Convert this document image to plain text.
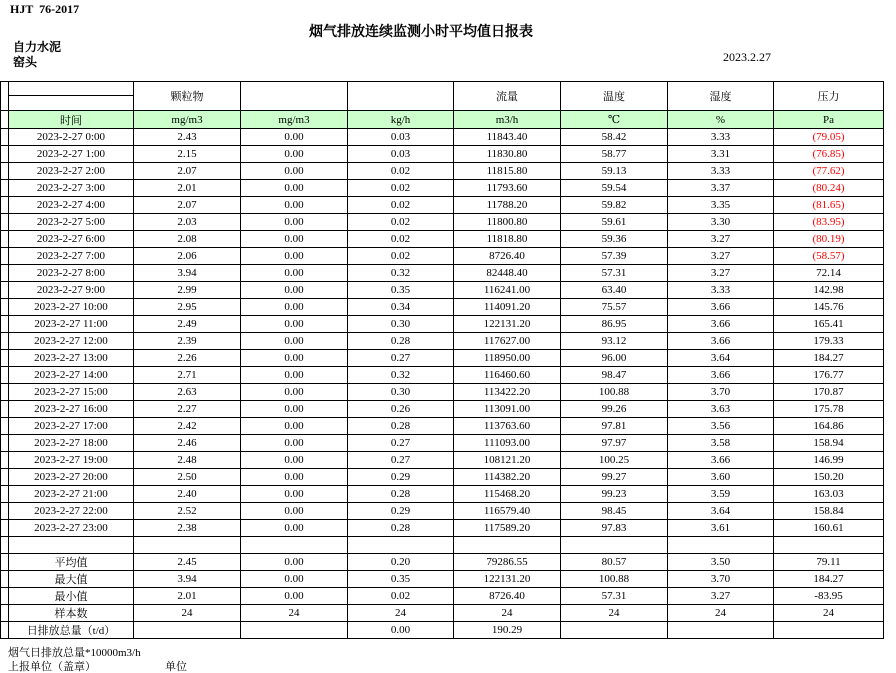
HJT  76-2017
烟气排放连续监测小时平均值日报表
自力水泥
窑头	2023.2.27
		颗粒物			流量	温度	湿度	压力

	时间	mg/m3	mg/m3	kg/h	m3/h	℃	%	Pa
	2023-2-27 0:00	2.43	0.00	0.03	11843.40	58.42	3.33	(79.05)
	2023-2-27 1:00	2.15	0.00	0.03	11830.80	58.77	3.31	(76.85)
	2023-2-27 2:00	2.07	0.00	0.02	11815.80	59.13	3.33	(77.62)
	2023-2-27 3:00	2.01	0.00	0.02	11793.60	59.54	3.37	(80.24)
	2023-2-27 4:00	2.07	0.00	0.02	11788.20	59.82	3.35	(81.65)
	2023-2-27 5:00	2.03	0.00	0.02	11800.80	59.61	3.30	(83.95)
	2023-2-27 6:00	2.08	0.00	0.02	11818.80	59.36	3.27	(80.19)
	2023-2-27 7:00	2.06	0.00	0.02	8726.40	57.39	3.27	(58.57)
	2023-2-27 8:00	3.94	0.00	0.32	82448.40	57.31	3.27	72.14
	2023-2-27 9:00	2.99	0.00	0.35	116241.00	63.40	3.33	142.98
	2023-2-27 10:00	2.95	0.00	0.34	114091.20	75.57	3.66	145.76
	2023-2-27 11:00	2.49	0.00	0.30	122131.20	86.95	3.66	165.41
	2023-2-27 12:00	2.39	0.00	0.28	117627.00	93.12	3.66	179.33
	2023-2-27 13:00	2.26	0.00	0.27	118950.00	96.00	3.64	184.27
	2023-2-27 14:00	2.71	0.00	0.32	116460.60	98.47	3.66	176.77
	2023-2-27 15:00	2.63	0.00	0.30	113422.20	100.88	3.70	170.87
	2023-2-27 16:00	2.27	0.00	0.26	113091.00	99.26	3.63	175.78
	2023-2-27 17:00	2.42	0.00	0.28	113763.60	97.81	3.56	164.86
	2023-2-27 18:00	2.46	0.00	0.27	111093.00	97.97	3.58	158.94
	2023-2-27 19:00	2.48	0.00	0.27	108121.20	100.25	3.66	146.99
	2023-2-27 20:00	2.50	0.00	0.29	114382.20	99.27	3.60	150.20
	2023-2-27 21:00	2.40	0.00	0.28	115468.20	99.23	3.59	163.03
	2023-2-27 22:00	2.52	0.00	0.29	116579.40	98.45	3.64	158.84
	2023-2-27 23:00	2.38	0.00	0.28	117589.20	97.83	3.61	160.61

	平均值	2.45	0.00	0.20	79286.55	80.57	3.50	79.11
	最大值	3.94	0.00	0.35	122131.20	100.88	3.70	184.27
	最小值	2.01	0.00	0.02	8726.40	57.31	3.27	-83.95
	样本数	24	24	24	24	24	24	24
	日排放总量（t/d）			0.00	190.29			
烟气日排放总量*10000m3/h
上报单位（盖章）	单位
